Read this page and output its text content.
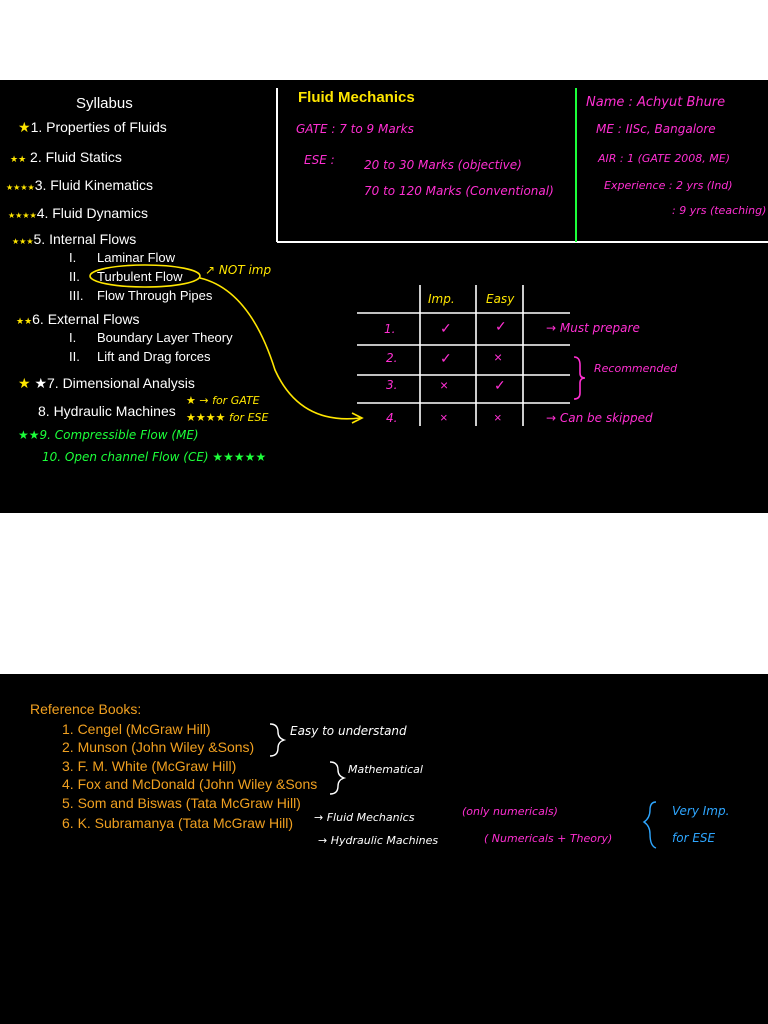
Syllabus
★1. Properties of Fluids
★★ 2. Fluid Statics
★★★★3. Fluid Kinematics
★★★★4. Fluid Dynamics
★★★5. Internal Flows
I. Laminar Flow
II. Turbulent Flow
III. Flow Through Pipes
↗ NOT imp
★★6. External Flows
I. Boundary Layer Theory
II. Lift and Drag forces
★ ★7. Dimensional Analysis
8. Hydraulic Machines
★ → for GATE
★★★★ for ESE
★★9. Compressible Flow (ME)
10. Open channel Flow (CE) ★★★★★
Fluid Mechanics
GATE : 7 to 9 Marks
ESE : 20 to 30 Marks (objective)
70 to 120 Marks (Conventional)
Name : Achyut Bhure
ME : IISc, Bangalore
AIR : 1 (GATE 2008, ME)
Experience : 2 yrs (Ind)
: 9 yrs (teaching)
Imp.	Easy
1.	✓	✓	→ Must prepare
2.	✓	×
3.	×	✓
Recommended
4.	×	×	→ Can be skipped
Reference Books:
1. Cengel (McGraw Hill)
2. Munson (John Wiley &Sons)
3. F. M. White (McGraw Hill)
4. Fox and McDonald (John Wiley &Sons
5. Som and Biswas (Tata McGraw Hill)
6. K. Subramanya (Tata McGraw Hill)
Easy to understand
Mathematical
→ Fluid Mechanics	(only numericals)
→ Hydraulic Machines	( Numericals + Theory)
Very Imp.
for ESE
